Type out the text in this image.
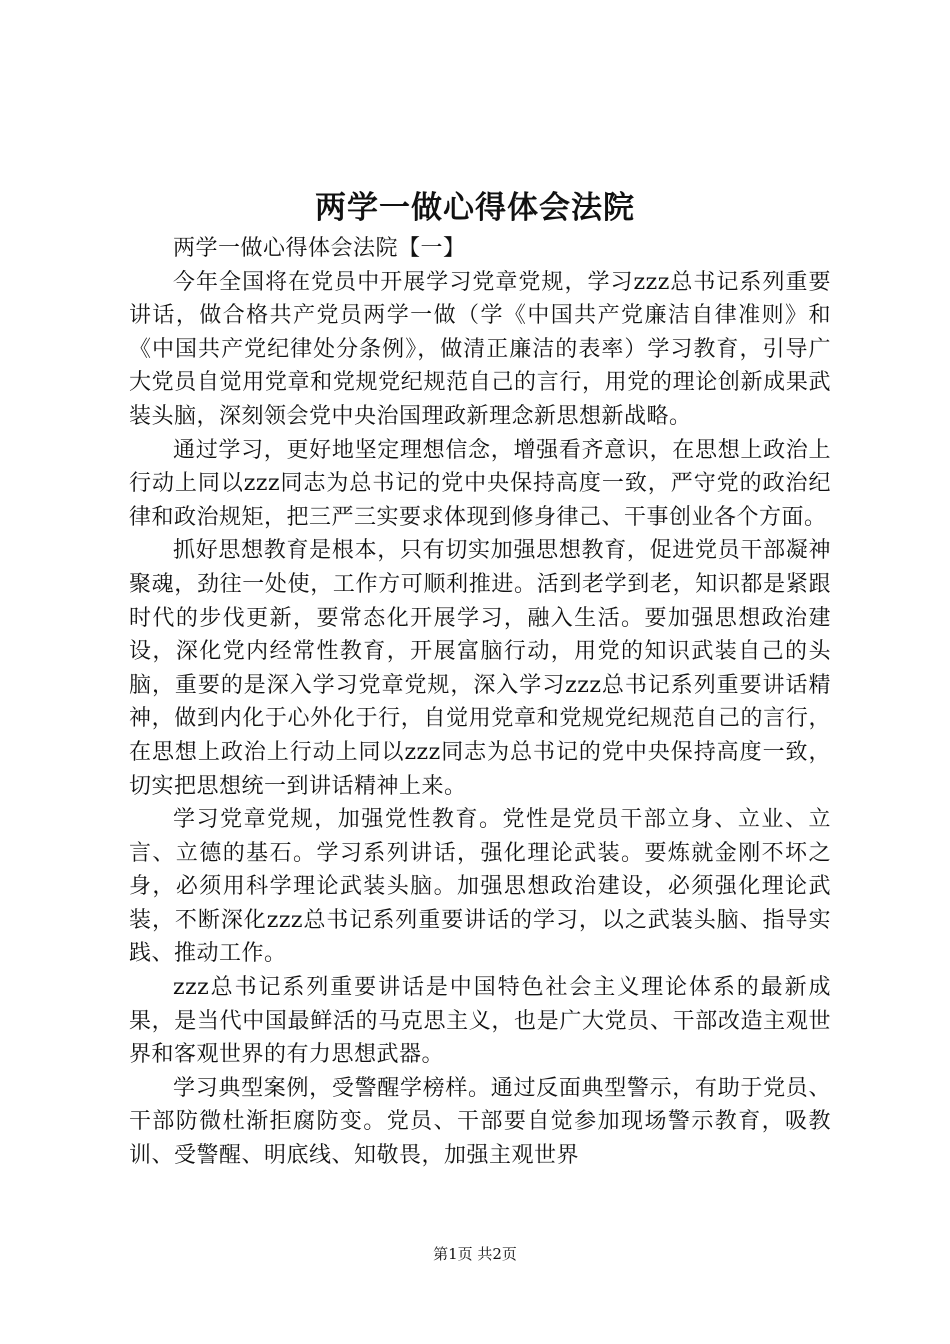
两学一做心得体会法院

两学一做心得体会法院【一】

今年全国将在党员中开展学习党章党规，学习zzz总书记系列重要讲话，做合格共产党员两学一做（学《中国共产党廉洁自律准则》和《中国共产党纪律处分条例》，做清正廉洁的表率）学习教育，引导广大党员自觉用党章和党规党纪规范自己的言行，用党的理论创新成果武装头脑，深刻领会党中央治国理政新理念新思想新战略。

通过学习，更好地坚定理想信念，增强看齐意识，在思想上政治上行动上同以zzz同志为总书记的党中央保持高度一致，严守党的政治纪律和政治规矩，把三严三实要求体现到修身律己、干事创业各个方面。

抓好思想教育是根本，只有切实加强思想教育，促进党员干部凝神聚魂，劲往一处使，工作方可顺利推进。活到老学到老，知识都是紧跟时代的步伐更新，要常态化开展学习，融入生活。要加强思想政治建设，深化党内经常性教育，开展富脑行动，用党的知识武装自己的头脑，重要的是深入学习党章党规，深入学习zzz总书记系列重要讲话精神，做到内化于心外化于行，自觉用党章和党规党纪规范自己的言行，在思想上政治上行动上同以zzz同志为总书记的党中央保持高度一致，切实把思想统一到讲话精神上来。

学习党章党规，加强党性教育。党性是党员干部立身、立业、立言、立德的基石。学习系列讲话，强化理论武装。要炼就金刚不坏之身，必须用科学理论武装头脑。加强思想政治建设，必须强化理论武装，不断深化zzz总书记系列重要讲话的学习，以之武装头脑、指导实践、推动工作。

zzz总书记系列重要讲话是中国特色社会主义理论体系的最新成果，是当代中国最鲜活的马克思主义，也是广大党员、干部改造主观世界和客观世界的有力思想武器。

学习典型案例，受警醒学榜样。通过反面典型警示，有助于党员、干部防微杜渐拒腐防变。党员、干部要自觉参加现场警示教育，吸教训、受警醒、明底线、知敬畏，加强主观世界

第1页 共2页
